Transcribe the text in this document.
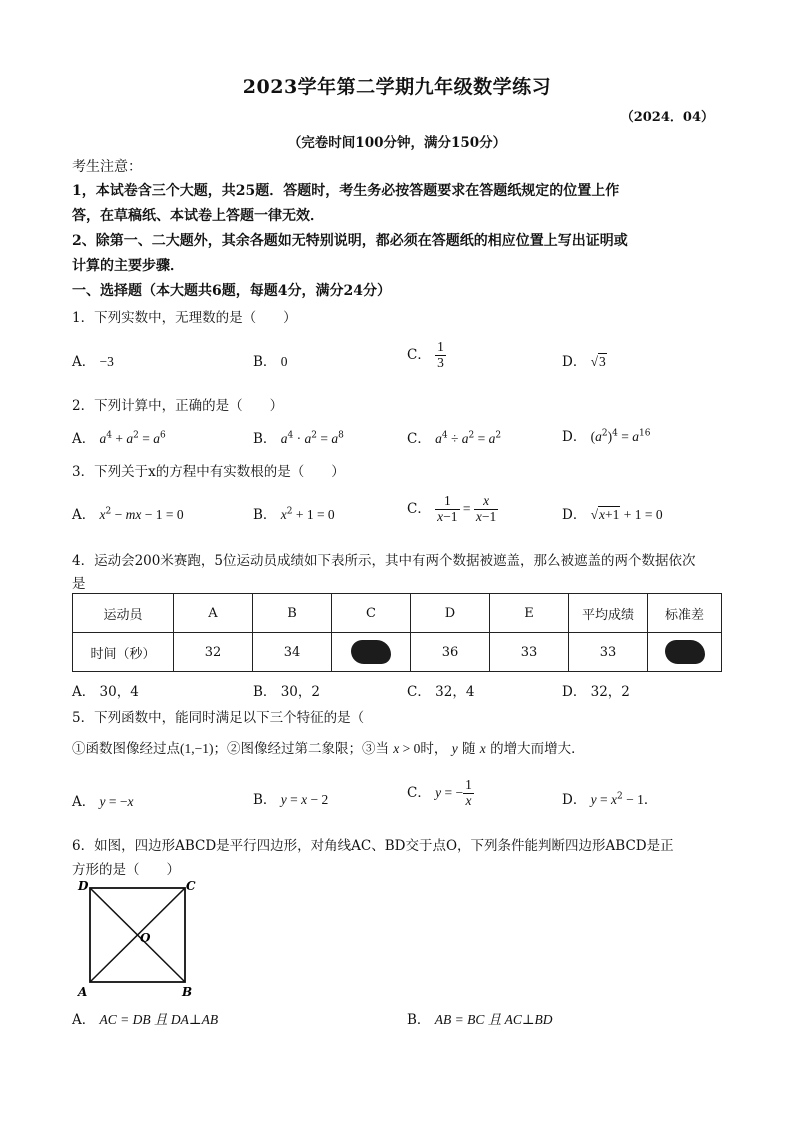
2023学年第二学期九年级数学练习
（2024．04）
（完卷时间100分钟，满分150分）
考生注意：
1，本试卷含三个大题，共25题．答题时，考生务必按答题要求在答题纸规定的位置上作
答，在草稿纸、本试卷上答题一律无效．
2、除第一、二大题外，其余各题如无特别说明，都必须在答题纸的相应位置上写出证明或
计算的主要步骤．
一、选择题（本大题共6题，每题4分，满分24分）
1．下列实数中，无理数的是（　　）
A． −3	B． 0	C． $\frac{1}{3}$	D． √3
2．下列计算中，正确的是（　　）
A． $a^4 + a^2 = a^6$	B． $a^4 \cdot a^2 = a^8$	C． $a^4 \div a^2 = a^2$	D． $(a^2)^4 = a^{16}$
3．下列关于x的方程中有实数根的是（　　）
A． $x^2$ − mx − 1 = 0	B． $x^2 + 1 = 0$	C． $\frac{1}{x-1} = \frac{x}{x-1}$	D． √x+1 + 1 = 0
4．运动会200米赛跑，5位运动员成绩如下表所示，其中有两个数据被遮盖，那么被遮盖的两个数据依次
是
运动员	A	B	C	D	E	平均成绩	标准差
时间（秒）	32	34		36	33	33	
A． 30，4	B． 30，2	C． 32，4	D． 32，2
5．下列函数中，能同时满足以下三个特征的是（
①函数图像经过点(1,−1)；②图像经过第二象限；③当 x > 0时， y 随 x 的增大而增大．
A． y = −x	B． y = x − 2	C． y = − $\frac{1}{x}$	D． $y = x^2 - 1$．
6．如图，四边形ABCD是平行四边形，对角线AC、BD交于点O，下列条件能判断四边形ABCD是正
方形的是（　　）
D	C
A	B
O
A． AC = DB 且 DA⊥AB	B． AB = BC 且 AC⊥BD
